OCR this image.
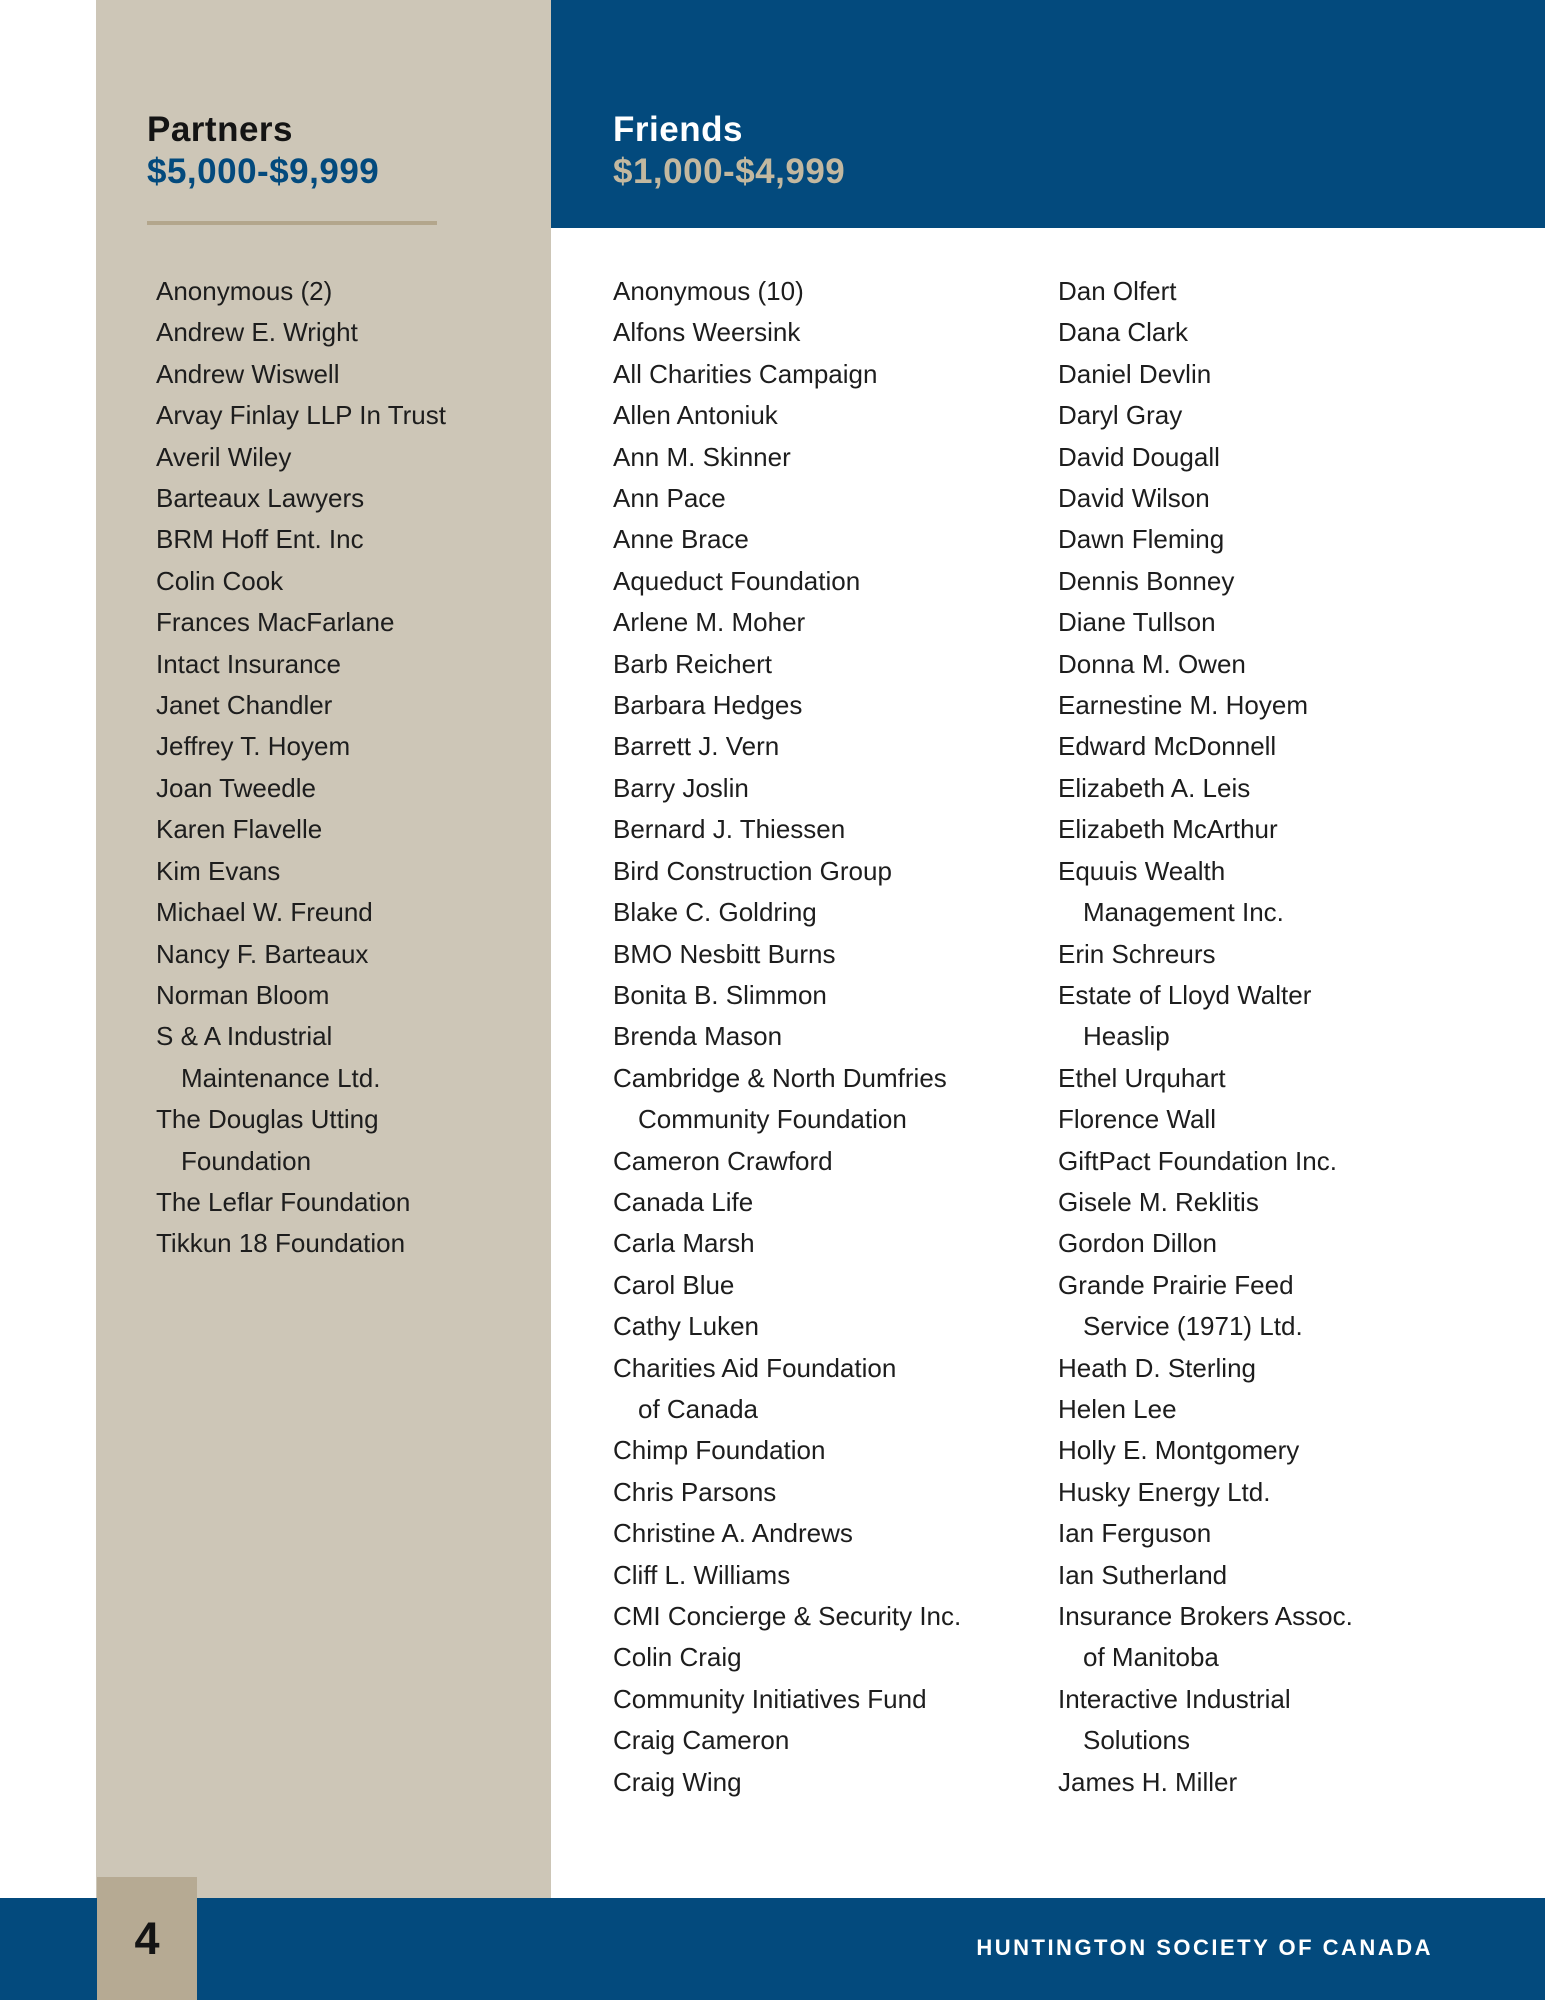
Partners
$5,000-$9,999
Friends
$1,000-$4,999
Anonymous (2)
Andrew E. Wright
Andrew Wiswell
Arvay Finlay LLP In Trust
Averil Wiley
Barteaux Lawyers
BRM Hoff Ent. Inc
Colin Cook
Frances MacFarlane
Intact Insurance
Janet Chandler
Jeffrey T. Hoyem
Joan Tweedle
Karen Flavelle
Kim Evans
Michael W. Freund
Nancy F. Barteaux
Norman Bloom
S & A Industrial
Maintenance Ltd.
The Douglas Utting
Foundation
The Leflar Foundation
Tikkun 18 Foundation
Anonymous (10)
Alfons Weersink
All Charities Campaign
Allen Antoniuk
Ann M. Skinner
Ann Pace
Anne Brace
Aqueduct Foundation
Arlene M. Moher
Barb Reichert
Barbara Hedges
Barrett J. Vern
Barry Joslin
Bernard J. Thiessen
Bird Construction Group
Blake C. Goldring
BMO Nesbitt Burns
Bonita B. Slimmon
Brenda Mason
Cambridge & North Dumfries
Community Foundation
Cameron Crawford
Canada Life
Carla Marsh
Carol Blue
Cathy Luken
Charities Aid Foundation
of Canada
Chimp Foundation
Chris Parsons
Christine A. Andrews
Cliff L. Williams
CMI Concierge & Security Inc.
Colin Craig
Community Initiatives Fund
Craig Cameron
Craig Wing
Dan Olfert
Dana Clark
Daniel Devlin
Daryl Gray
David Dougall
David Wilson
Dawn Fleming
Dennis Bonney
Diane Tullson
Donna M. Owen
Earnestine M. Hoyem
Edward McDonnell
Elizabeth A. Leis
Elizabeth McArthur
Equuis Wealth
Management Inc.
Erin Schreurs
Estate of Lloyd Walter
Heaslip
Ethel Urquhart
Florence Wall
GiftPact Foundation Inc.
Gisele M. Reklitis
Gordon Dillon
Grande Prairie Feed
Service (1971) Ltd.
Heath D. Sterling
Helen Lee
Holly E. Montgomery
Husky Energy Ltd.
Ian Ferguson
Ian Sutherland
Insurance Brokers Assoc.
of Manitoba
Interactive Industrial
Solutions
James H. Miller
HUNTINGTON SOCIETY OF CANADA
4
